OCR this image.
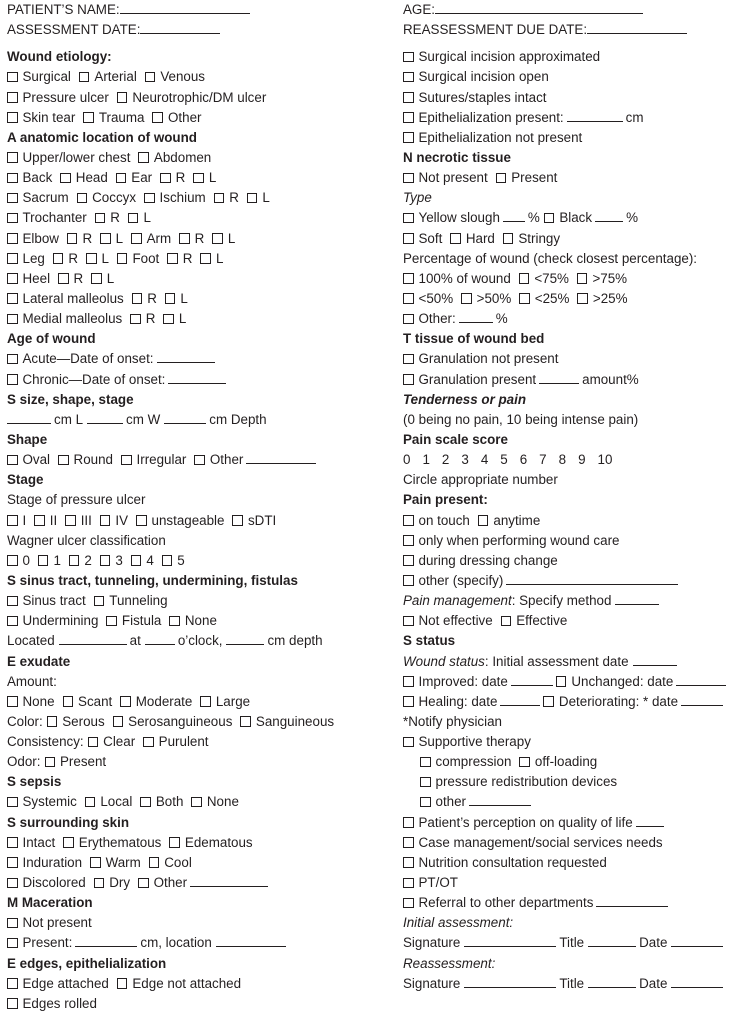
PATIENT’S NAME:
ASSESSMENT DATE:
Wound etiology:
Surgical Arterial Venous
Pressure ulcer Neurotrophic/DM ulcer
Skin tear Trauma Other
A anatomic location of wound
Upper/lower chest Abdomen
Back Head Ear R L
Sacrum Coccyx Ischium R L
Trochanter R L
Elbow R L Arm R L
Leg R L Foot R L
Heel R L
Lateral malleolus R L
Medial malleolus R L
Age of wound
Acute—Date of onset:
Chronic—Date of onset:
S size, shape, stage
cm L	cm W	cm Depth
Shape
Oval Round Irregular Other
Stage
Stage of pressure ulcer
I II III IV unstageable sDTI
Wagner ulcer classification
0 1 2 3 4 5
S sinus tract, tunneling, undermining, fistulas
Sinus tract Tunneling
Undermining Fistula None
Located	at	o’clock,	cm depth
E exudate
Amount:
None Scant Moderate Large
Color: Serous Serosanguineous Sanguineous
Consistency: Clear Purulent
Odor: Present
S sepsis
Systemic Local Both None
S surrounding skin
Intact Erythematous Edematous
Induration Warm Cool
Discolored Dry Other
M Maceration
Not present
Present:	cm, location
E edges, epithelialization
Edge attached Edge not attached
Edges rolled
AGE:
REASSESSMENT DUE DATE:
Surgical incision approximated
Surgical incision open
Sutures/staples intact
Epithelialization present:	cm
Epithelialization not present
N necrotic tissue
Not present Present
Type
Yellow slough % Black	%
Soft Hard Stringy
Percentage of wound (check closest percentage):
100% of wound <75% >75%
<50% >50% <25% >25%
Other:	%
T tissue of wound bed
Granulation not present
Granulation present	amount%
Tenderness or pain
(0 being no pain, 10 being intense pain)
Pain scale score
0 1 2 3 4 5 6 7 8 9 10
Circle appropriate number
Pain present:
on touch anytime
only when performing wound care
during dressing change
other (specify)
Pain management: Specify method
Not effective Effective
S status
Wound status: Initial assessment date
Improved: date	Unchanged: date
Healing: date	Deteriorating: * date
*Notify physician
Supportive therapy
compression off-loading
pressure redistribution devices
other
Patient’s perception on quality of life
Case management/social services needs
Nutrition consultation requested
PT/OT
Referral to other departments
Initial assessment:
Signature	Title	Date
Reassessment:
Signature	Title	Date
